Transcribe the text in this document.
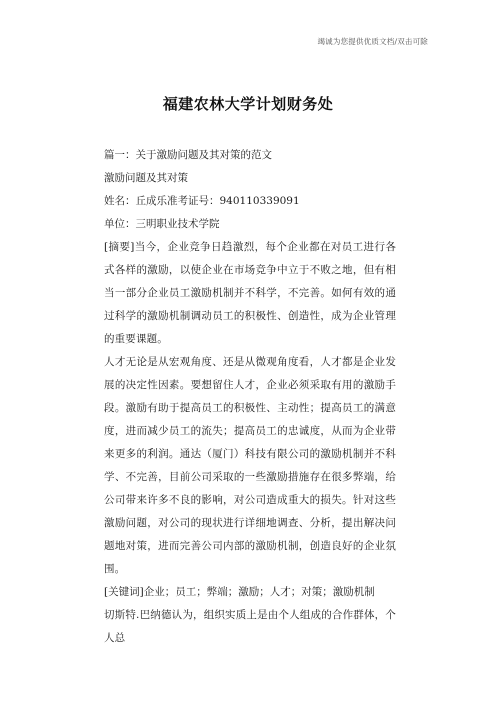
竭诚为您提供优质文档/双击可除
福建农林大学计划财务处

篇一：关于激励问题及其对策的范文

激励问题及其对策

姓名：丘成乐准考证号：940110339091

单位：三明职业技术学院

[摘要]当今，企业竞争日趋激烈，每个企业都在对员工进行各式各样的激励，以使企业在市场竞争中立于不败之地，但有相当一部分企业员工激励机制并不科学，不完善。如何有效的通过科学的激励机制调动员工的积极性、创造性，成为企业管理的重要课题。

人才无论是从宏观角度、还是从微观角度看，人才都是企业发展的决定性因素。要想留住人才，企业必须采取有用的激励手段。激励有助于提高员工的积极性、主动性；提高员工的满意度，进而减少员工的流失；提高员工的忠诚度，从而为企业带来更多的利润。通达（厦门）科技有限公司的激励机制并不科学、不完善，目前公司采取的一些激励措施存在很多弊端，给公司带来许多不良的影响，对公司造成重大的损失。针对这些激励问题，对公司的现状进行详细地调查、分析，提出解决问题地对策，进而完善公司内部的激励机制，创造良好的企业氛围。

[关键词]企业；员工；弊端；激励；人才；对策；激励机制

切斯特.巴纳德认为，组织实质上是由个人组成的合作群体，个人总
